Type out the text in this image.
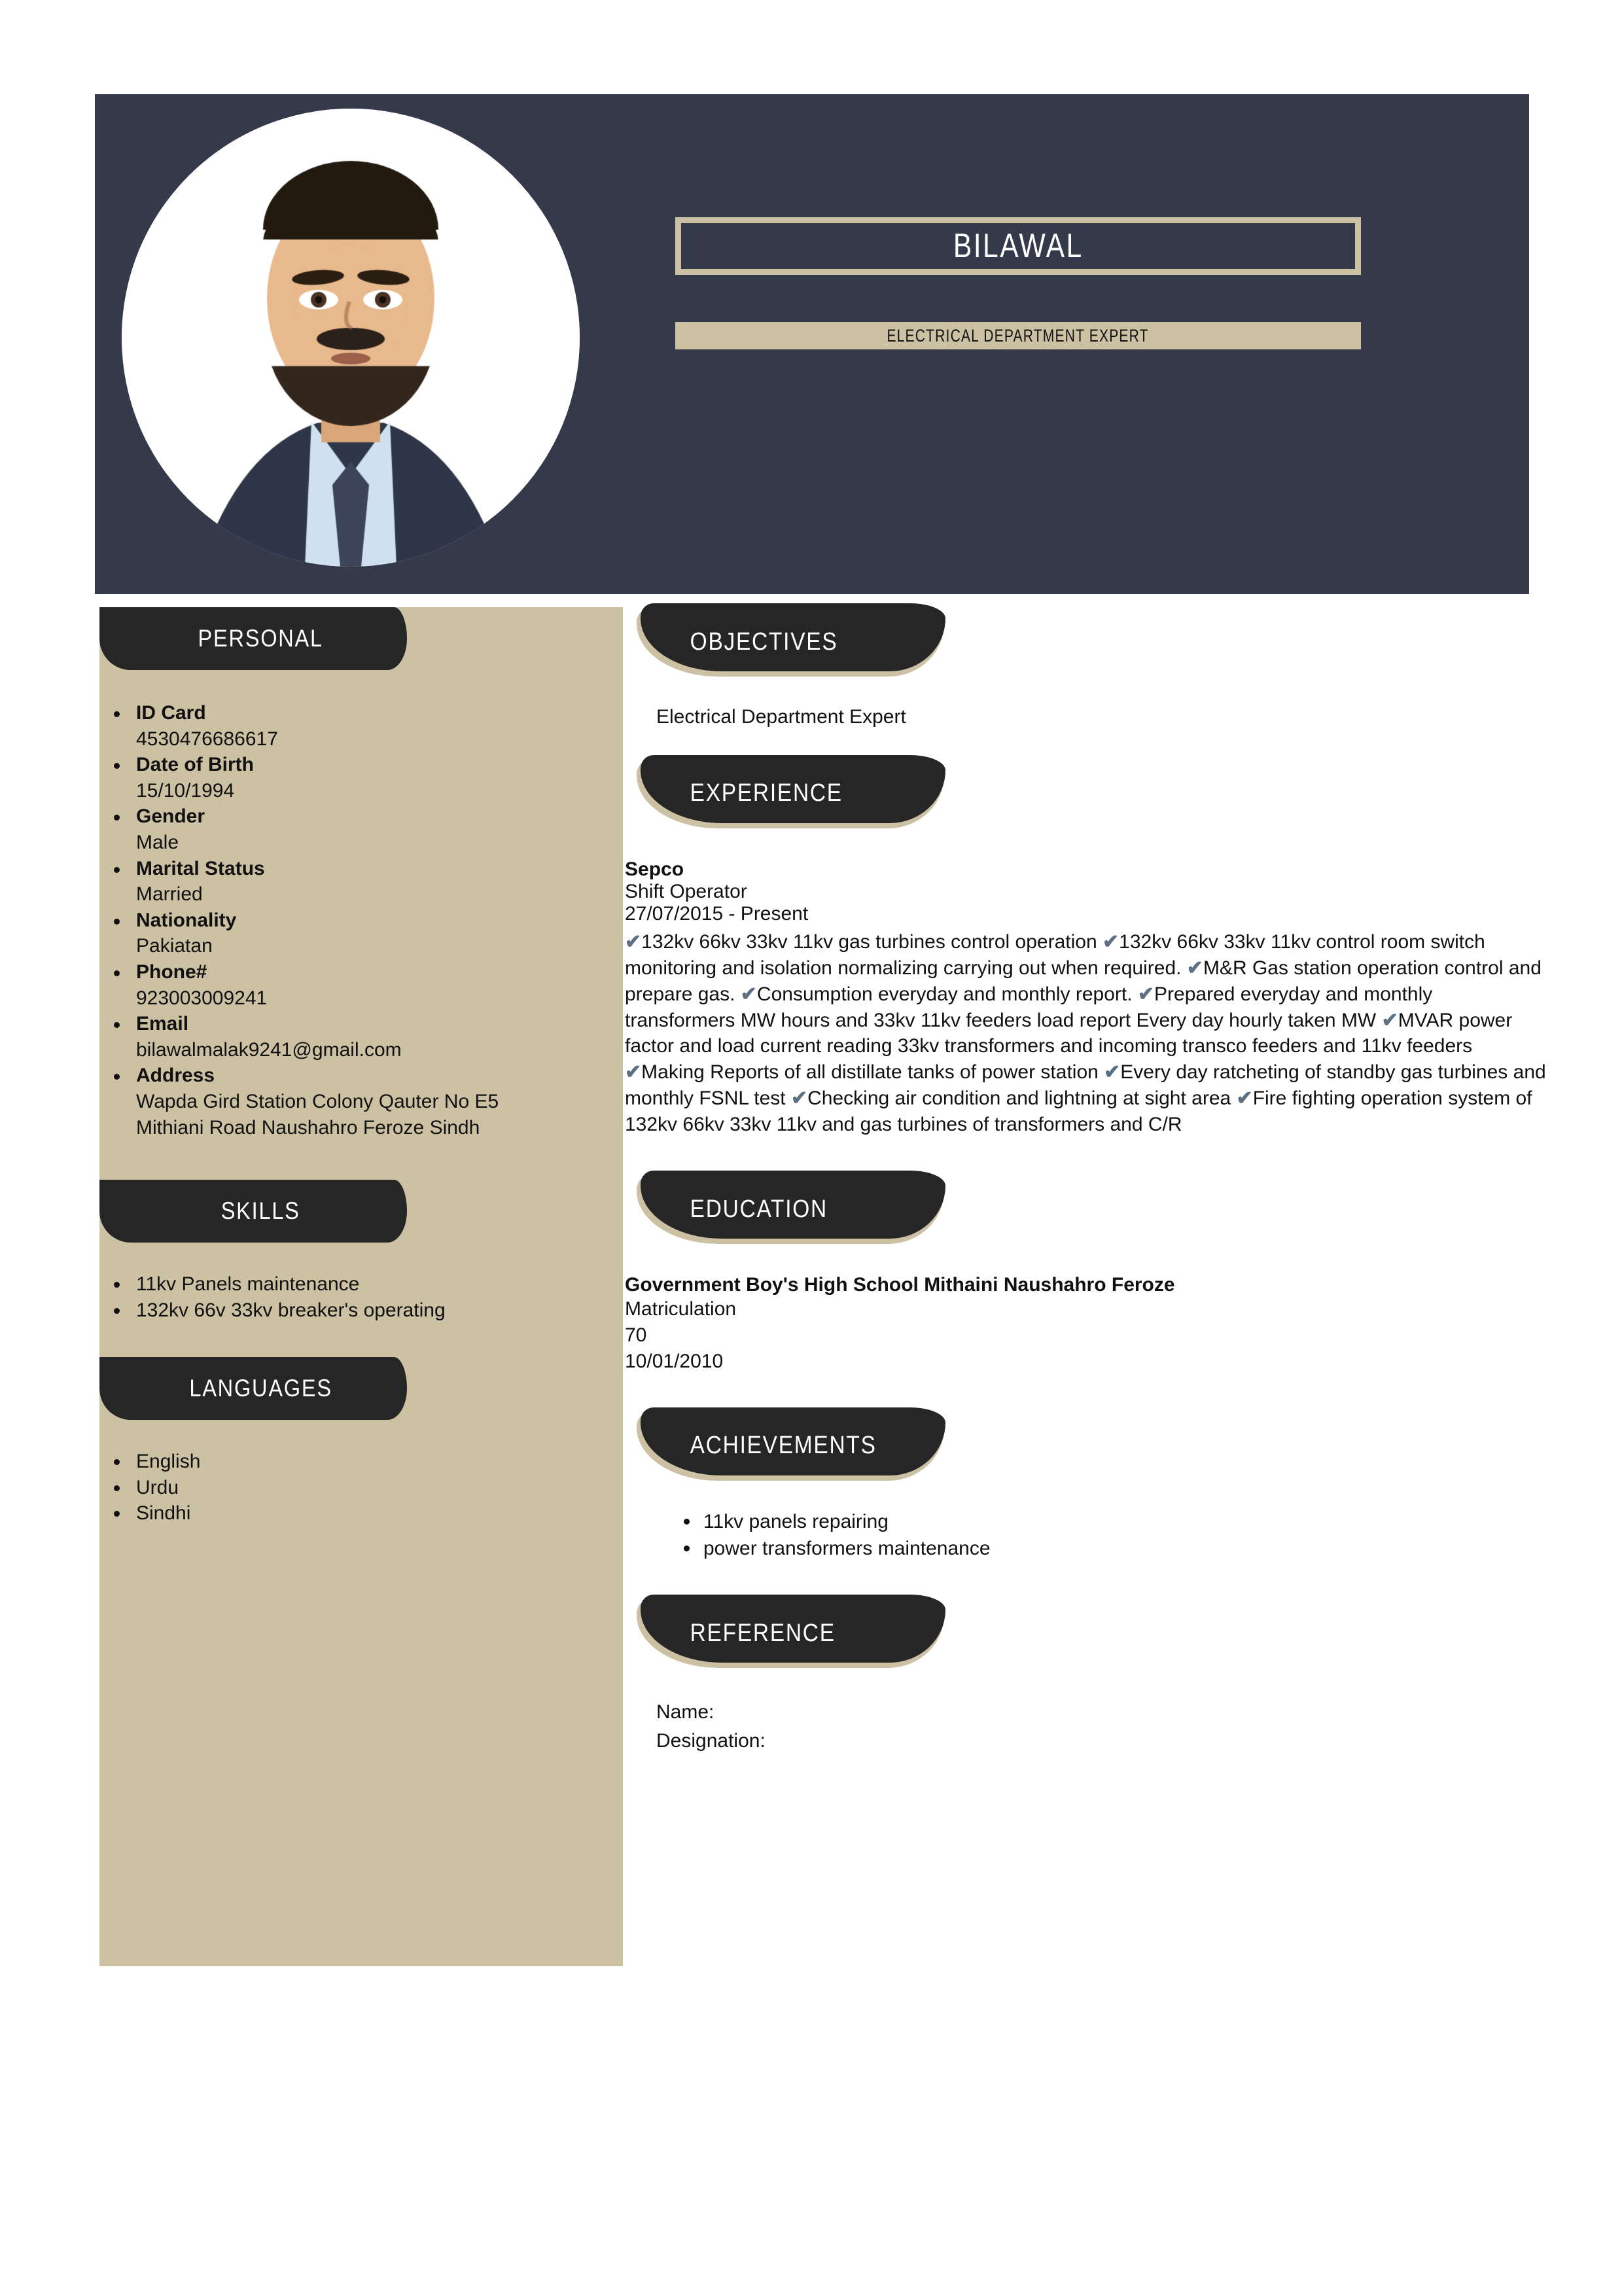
BILAWAL
ELECTRICAL DEPARTMENT EXPERT
PERSONAL
ID Card
4530476686617
Date of Birth
15/10/1994
Gender
Male
Marital Status
Married
Nationality
Pakiatan
Phone#
923003009241
Email
bilawalmalak9241@gmail.com
Address
Wapda Gird Station Colony Qauter No E5 Mithiani Road Naushahro Feroze Sindh
SKILLS
11kv Panels maintenance
132kv 66v 33kv breaker's operating
LANGUAGES
English
Urdu
Sindhi
OBJECTIVES
Electrical Department Expert
EXPERIENCE
Sepco
Shift Operator
27/07/2015 - Present
✔132kv 66kv 33kv 11kv gas turbines control operation ✔132kv 66kv 33kv 11kv control room switch monitoring and isolation normalizing carrying out when required. ✔M&R Gas station operation control and prepare gas. ✔Consumption everyday and monthly report. ✔Prepared everyday and monthly transformers MW hours and 33kv 11kv feeders load report Every day hourly taken MW ✔MVAR power factor and load current reading 33kv transformers and incoming transco feeders and 11kv feeders ✔Making Reports of all distillate tanks of power station ✔Every day ratcheting of standby gas turbines and monthly FSNL test ✔Checking air condition and lightning at sight area ✔Fire fighting operation system of 132kv 66kv 33kv 11kv and gas turbines of transformers and C/R
EDUCATION
Government Boy's High School Mithaini Naushahro Feroze
Matriculation
70
10/01/2010
ACHIEVEMENTS
11kv panels repairing
power transformers maintenance
REFERENCE
Name:
Designation:
